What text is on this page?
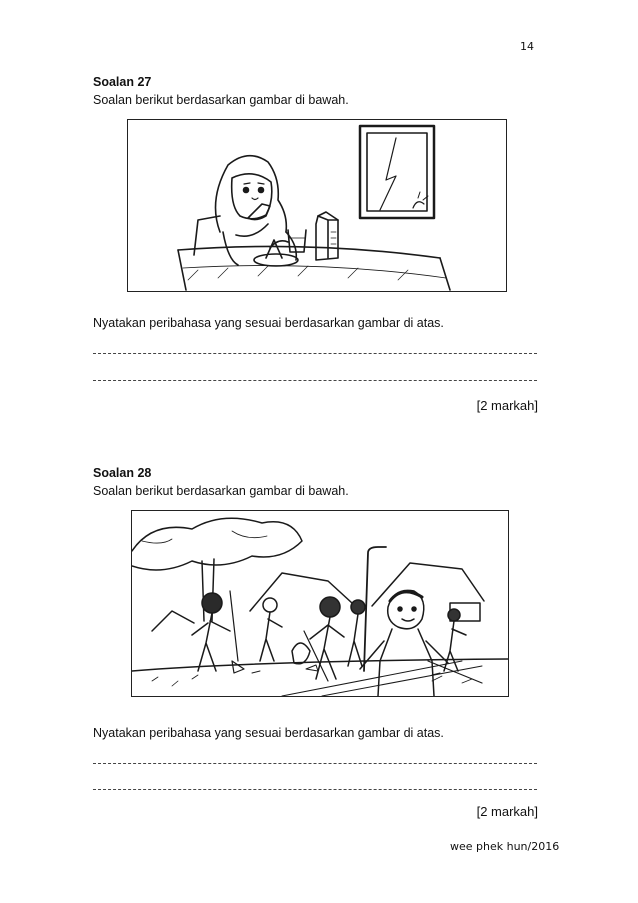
14
Soalan 27
Soalan berikut berdasarkan gambar di bawah.
Nyatakan peribahasa yang sesuai berdasarkan gambar di atas.
[2 markah]
Soalan 28
Soalan berikut berdasarkan gambar di bawah.
Nyatakan peribahasa yang sesuai berdasarkan gambar di atas.
[2 markah]
wee phek hun/2016
